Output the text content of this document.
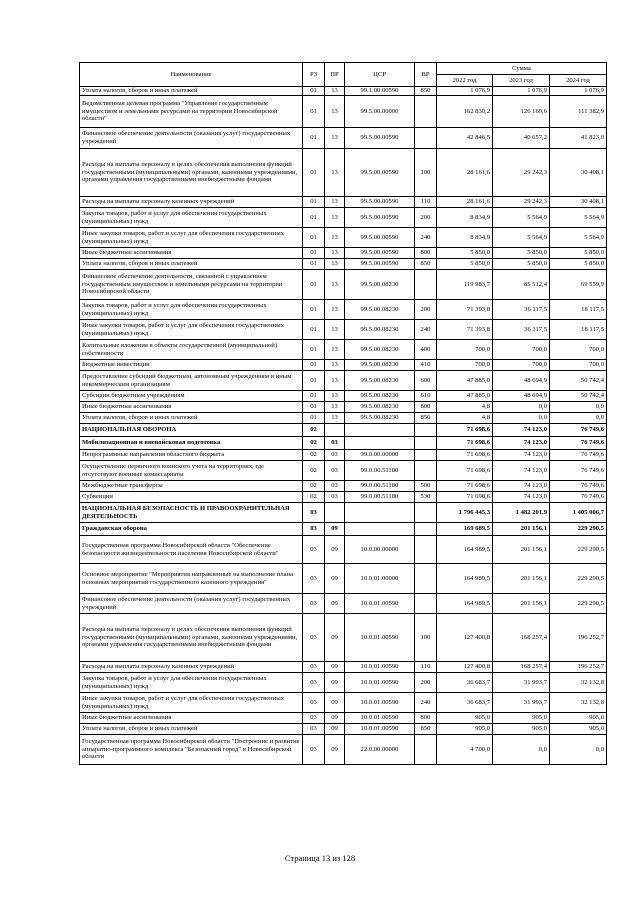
Наименование	РЗ	ПР	ЦСР	ВР	Сумма		
					2022 год	2023 год	2024 год
Уплата налогов, сборов и иных платежей	01	13	99.1.00.00590	850	1 076,9	1 076,9	1 076,9
Ведомственная целевая программа "Управление государственным имуществом и земельными ресурсами на территории Новосибирской области"	01	13	99.5.00.00000		162 830,2	126 169,6	111 382,9
Финансовое обеспечение деятельности (оказания услуг) государственных учреждений	01	13	99.5.00.00590		42 846,5	40 657,2	41 823,0
Расходы на выплаты персоналу в целях обеспечения выполнения функций государственными (муниципальными) органами, казенными учреждениями, органами управления государственными внебюджетными фондами	01	13	99.5.00.00590	100	28 161,6	29 242,3	30 408,1
Расходы на выплаты персоналу казенных учреждений	01	13	99.5.00.00590	110	28 161,6	29 242,3	30 408,1
Закупка товаров, работ и услуг для обеспечения государственных (муниципальных) нужд	01	13	99.5.00.00590	200	8 834,9	5 564,9	5 564,9
Иные закупки товаров, работ и услуг для обеспечения государственных (муниципальных) нужд	01	13	99.5.00.00590	240	8 834,9	5 564,9	5 564,9
Иные бюджетные ассигнования	01	13	99.5.00.00590	800	5 850,0	5 850,0	5 850,0
Уплата налогов, сборов и иных платежей	01	13	99.5.00.00590	850	5 850,0	5 850,0	5 850,0
Финансовое обеспечение деятельности, связанной с управлением государственным имуществом и земельными ресурсами на территории Новосибирской области	01	13	99.5.00.08230		119 983,7	85 512,4	69 559,9
Закупка товаров, работ и услуг для обеспечения государственных (муниципальных) нужд	01	13	99.5.00.08230	200	71 393,8	36 117,5	18 117,5
Иные закупки товаров, работ и услуг для обеспечения государственных (муниципальных) нужд	01	13	99.5.00.08230	240	71 393,8	36 117,5	18 117,5
Капитальные вложения в объекты государственной (муниципальной) собственности	01	13	99.5.00.08230	400	700,0	700,0	700,0
Бюджетные инвестиции	01	13	99.5.00.08230	410	700,0	700,0	700,0
Предоставление субсидий бюджетным, автономным учреждениям и иным некоммерческим организациям	01	13	99.5.00.08230	600	47 885,0	48 694,9	50 742,4
Субсидии бюджетным учреждениям	01	13	99.5.00.08230	610	47 885,0	48 694,9	50 742,4
Иные бюджетные ассигнования	01	13	99.5.00.08230	800	4,8	0,0	0,0
Уплата налогов, сборов и иных платежей	01	13	99.5.00.08230	850	4,8	0,0	0,0
НАЦИОНАЛЬНАЯ ОБОРОНА	02				71 698,6	74 123,0	76 749,6
Мобилизационная и вневойсковая подготовка	02	03			71 698,6	74 123,0	76 749,6
Непрограммные направления областного бюджета	02	03	99.0.00.00000		71 698,6	74 123,0	76 749,6
Осуществление первичного воинского учета на территориях, где отсутствуют военные комиссариаты	02	03	99.0.00.51180		71 698,6	74 123,0	76 749,6
Межбюджетные трансферты	02	03	99.0.00.51180	500	71 698,6	74 123,0	76 749,6
Субвенции	02	03	99.0.00.51180	530	71 698,6	74 123,0	76 749,6
НАЦИОНАЛЬНАЯ БЕЗОПАСНОСТЬ И ПРАВООХРАНИТЕЛЬНАЯ ДЕЯТЕЛЬНОСТЬ	03				1 796 445,3	1 482 201,9	1 405 006,7
Гражданская оборона	03	09			169 689,5	201 156,1	229 290,5
Государственная программа Новосибирской области "Обеспечение безопасности жизнедеятельности населения Новосибирской области"	03	09	10.0.00.00000		164 989,5	201 156,1	229 290,5
Основное мероприятие "Мероприятия направленные на выполнение плана основных мероприятий государственного казенного учреждения"	03	09	10.0.01.00000		164 989,5	201 156,1	229 290,5
Финансовое обеспечение деятельности (оказания услуг) государственных учреждений	03	09	10.0.01.00590		164 989,5	201 156,1	229 290,5
Расходы на выплаты персоналу в целях обеспечения выполнения функций государственными (муниципальными) органами, казенными учреждениями, органами управления государственными внебюджетными фондами	03	09	10.0.01.00590	100	127 400,8	168 257,4	196 252,7
Расходы на выплаты персоналу казенных учреждений	03	09	10.0.01.00590	110	127 400,8	168 257,4	196 252,7
Закупка товаров, работ и услуг для обеспечения государственных (муниципальных) нужд	03	09	10.0.01.00590	200	36 683,7	31 993,7	32 132,8
Иные закупки товаров, работ и услуг для обеспечения государственных (муниципальных) нужд	03	09	10.0.01.00590	240	36 683,7	31 993,7	32 132,8
Иные бюджетные ассигнования	03	09	10.0.01.00590	800	905,0	905,0	905,0
Уплата налогов, сборов и иных платежей	03	09	10.0.01.00590	850	905,0	905,0	905,0
Государственная программа Новосибирской области "Построение и развитие аппаратно-программного комплекса "Безопасный город" в Новосибирской области	03	09	22.0.00.00000		4 700,0	0,0	0,0
Страница 13 из 128
